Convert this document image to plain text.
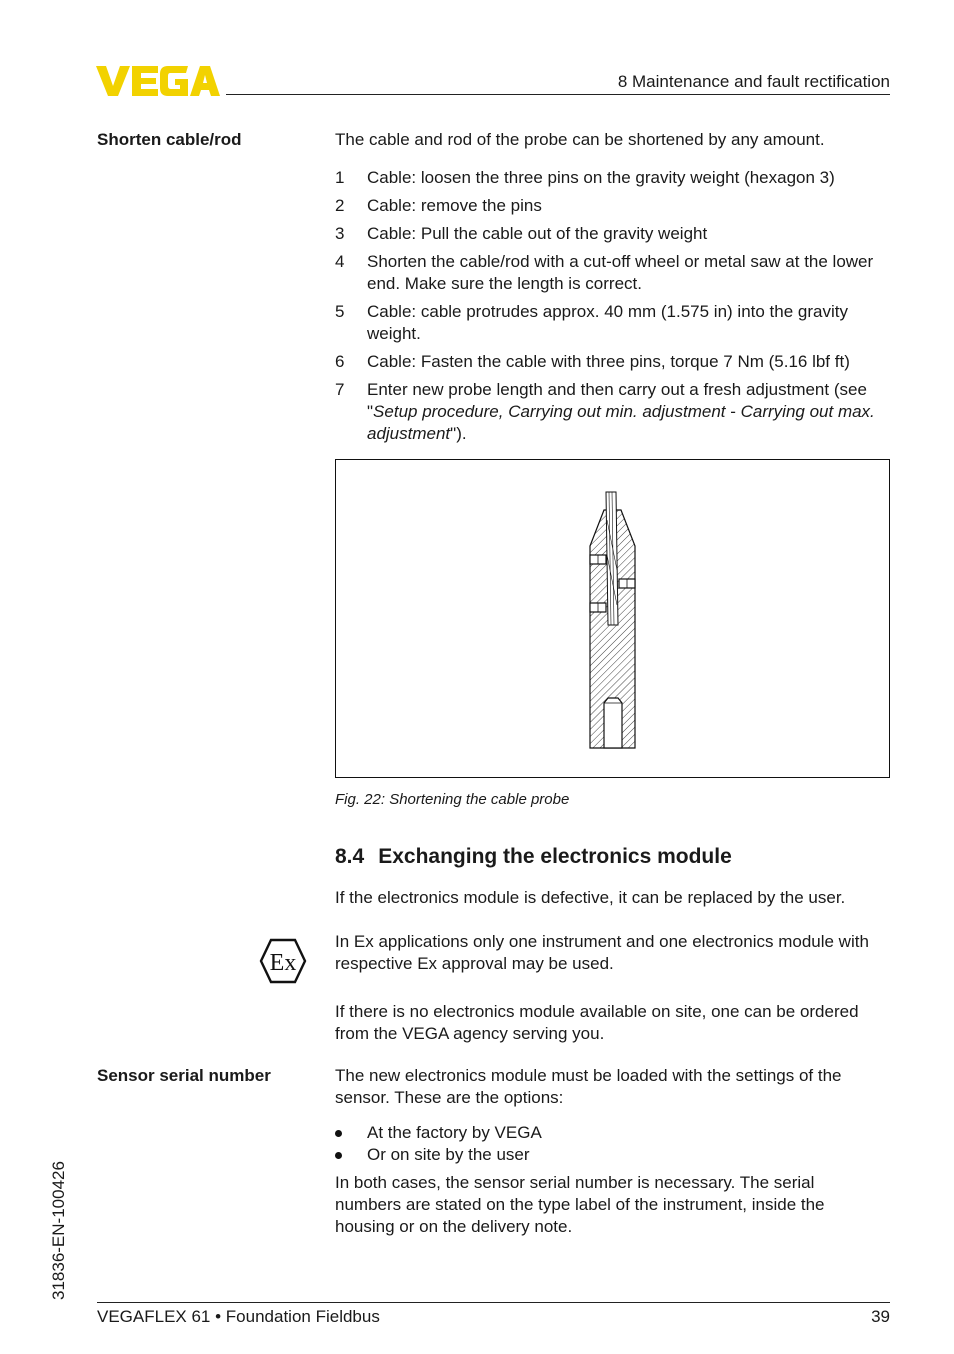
8 Maintenance and fault rectification
Shorten cable/rod	The cable and rod of the probe can be shortened by any amount.
1 Cable: loosen the three pins on the gravity weight (hexagon 3)
2 Cable: remove the pins
3 Cable: Pull the cable out of the gravity weight
4 Shorten the cable/rod with a cut-off wheel or metal saw at the lower end. Make sure the length is correct.
5 Cable: cable protrudes approx. 40 mm (1.575 in) into the gravity weight.
6 Cable: Fasten the cable with three pins, torque 7 Nm (5.16 lbf ft)
7 Enter new probe length and then carry out a fresh adjustment (see "Setup procedure, Carrying out min. adjustment - Carrying out max. adjustment").
Fig. 22: Shortening the cable probe
8.4 Exchanging the electronics module
If the electronics module is defective, it can be replaced by the user.
Ex
In Ex applications only one instrument and one electronics module with respective Ex approval may be used.
If there is no electronics module available on site, one can be ordered from the VEGA agency serving you.
Sensor serial number	The new electronics module must be loaded with the settings of the sensor. These are the options:
At the factory by VEGA
Or on site by the user
In both cases, the sensor serial number is necessary. The serial numbers are stated on the type label of the instrument, inside the housing or on the delivery note.
31836-EN-100426
VEGAFLEX 61 • Foundation Fieldbus	39
